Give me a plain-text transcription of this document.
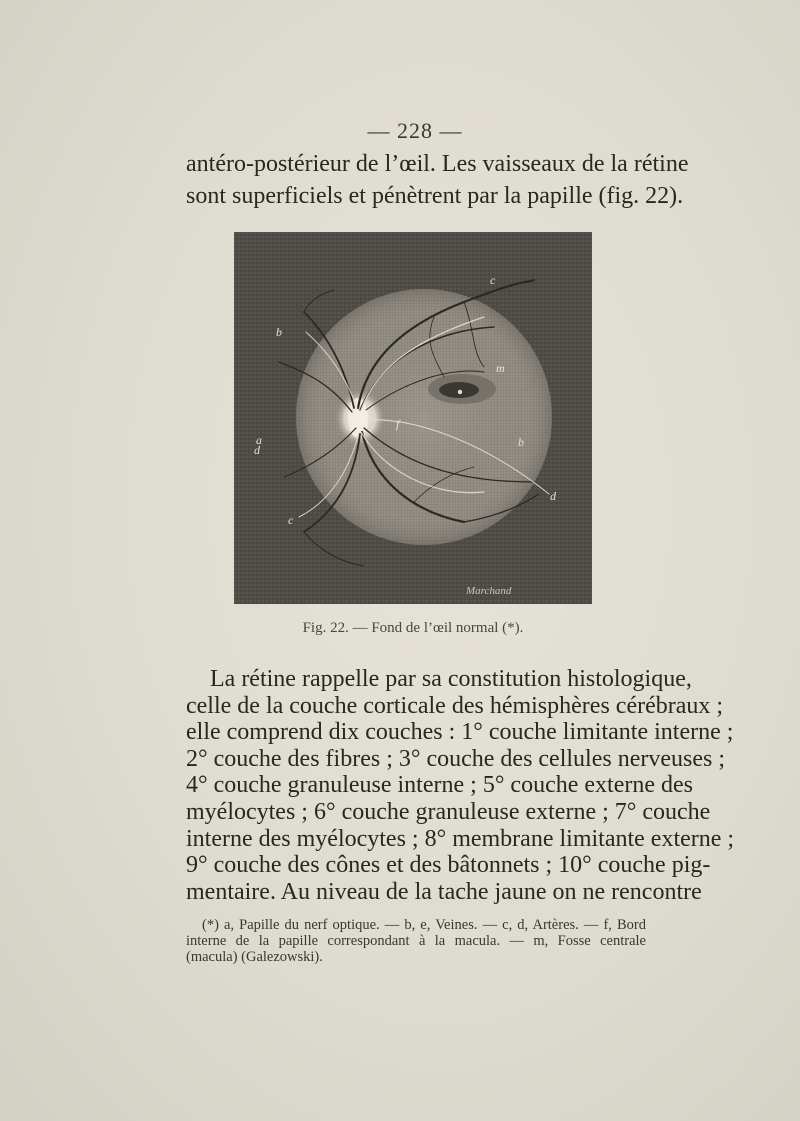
— 228 —
antéro-postérieur de l’œil. Les vaisseaux de la rétine
sont superficiels et pénètrent par la papille (fig. 22).
c
b
m
f
a	b
d
c
d
Marchand
Fig. 22. — Fond de l’œil normal (*).
La rétine rappelle par sa constitution histologique,
celle de la couche corticale des hémisphères cérébraux ;
elle comprend dix couches : 1° couche limitante interne ;
2° couche des fibres ; 3° couche des cellules nerveuses ;
4° couche granuleuse interne ; 5° couche externe des
myélocytes ; 6° couche granuleuse externe ; 7° couche
interne des myélocytes ; 8° membrane limitante externe ;
9° couche des cônes et des bâtonnets ; 10° couche pig-
mentaire. Au niveau de la tache jaune on ne rencontre
(*) a, Papille du nerf optique. — b, e, Veines. — c, d, Artères. — f, Bord
interne de la papille correspondant à la macula. — m, Fosse centrale
(macula) (Galezowski).
